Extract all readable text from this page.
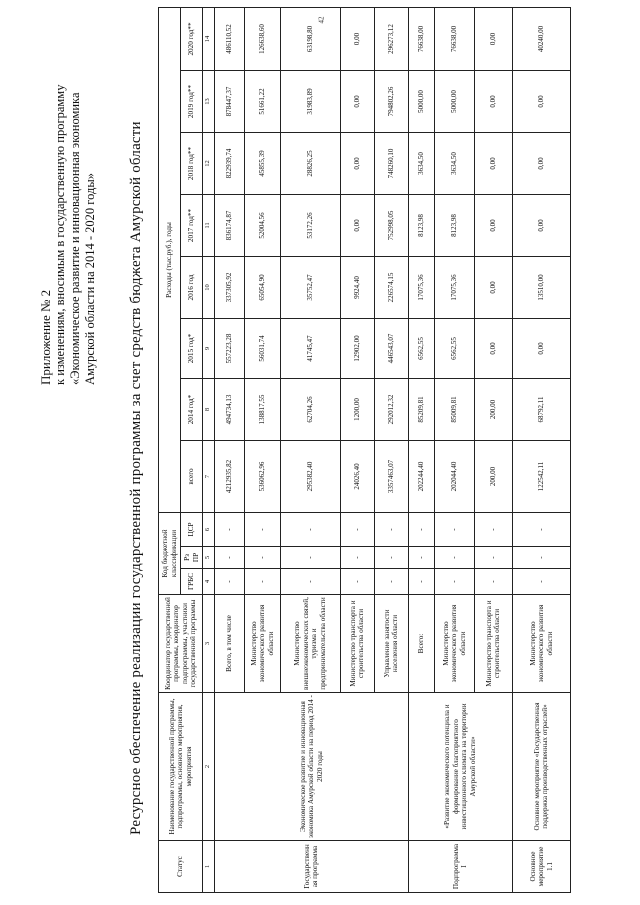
42
Приложение № 2 к изменениям, вносимым в государственную программу «Экономическое развитие и инновационная экономика Амурской области на 2014 - 2020 годы» Ресурсное обеспечение реализации государственной программы за счет средств бюджета Амурской области
Статус	Наименование государственной программы, подпрограммы, основного мероприятия, мероприятия	Координатор государственной программы, координатор подпрограммы, участники государственной программы	Код бюджетной классификации			Расходы (тыс.руб.), годы							
			ГРБС	Рз ПР	ЦСР	всего	2014 год*	2015 год*	2016 год	2017 год**	2018 год**	2019 год**	2020 год**
1	2	3	4	5	6	7	8	9	10	11	12	13	14
Государственная программа	Экономическое развитие и инновационная экономика Амурской области на период 2014 - 2020 годы	Всего, в том числе	-	-	-	4212935,82	494734,13	557223,28	337305,92	836174,87	822939,74	878447,37	486110,52
		Министерство экономического развития области	-	-	-	536062,96	138817,55	56031,74	65054,90	52004,56	45855,39	51661,22	126638,60
		Министерство внешнеэкономических связей, туризма и предпринимательства области	-	-	-	295382,40	62704,26	41745,47	35752,47	53172,26	28826,25	31983,89	63198,80
		Министерство транспорта и строительства области	-	-	-	24026,40	1200,00	12902,00	9924,40	0,00	0,00	0,00	0,00
		Управление занятости населения области	-	-	-	3357463,07	292012,32	446543,07	226574,15	752998,05	748260,10	794802,26	296273,12
Подпрограмма I	«Развитие экономического потенциала и формирование благоприятного инвестиционного климата на территории Амурской области»	Всего:	-	-	-	202244,40	85209,81	6562,55	17075,36	8123,98	3634,50	5000,00	76638,00
		Министерство экономического развития области	-	-	-	202044,40	85009,81	6562,55	17075,36	8123,98	3634,50	5000,00	76638,00
		Министерство транспорта и строительства области	-	-	-	200,00	200,00	0,00	0,00	0,00	0,00	0,00	0,00
Основное мероприятие 1.1	Основное мероприятие «Государственная поддержка производственных отраслей»	Министерство экономического развития области	-	-	-	122542,11	68792,11	0,00	13510,00	0,00	0,00	0,00	40240,00
